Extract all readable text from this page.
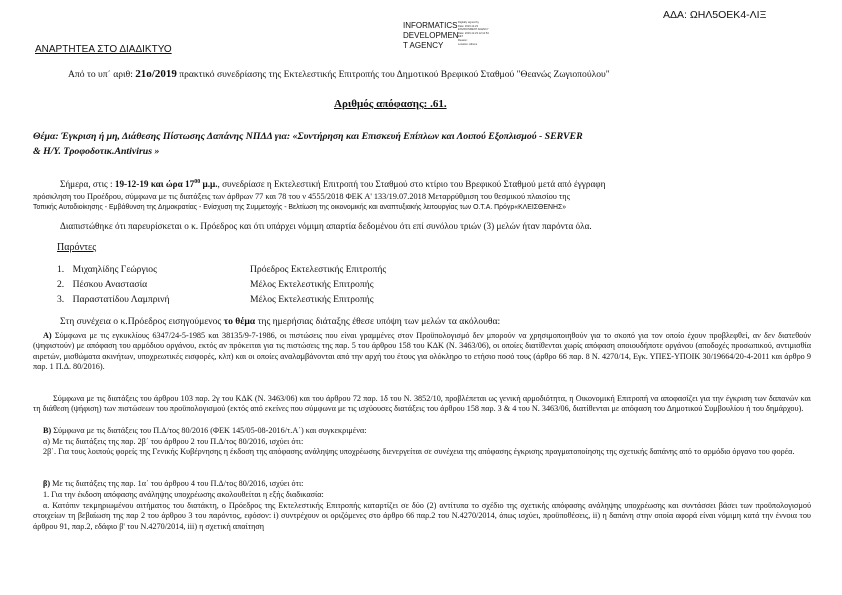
ΑΔΑ: ΩΗΛ5ΟΕΚ4-ΛΙΞ
ΑΝΑΡΤΗΤΕΑ ΣΤΟ ΔΙΑΔΙΚΤΥΟ
INFORMATICS
DEVELOPMEN
T AGENCY
Digitally signed by
Date: 2019.12.23
ENVIRONMENT AGENCY
Date: 2019.12.23 12:12:54
EET
Reason:
Location: Athens
Από το υπ΄ αριθ: 21ο/2019 πρακτικό συνεδρίασης της Εκτελεστικής Επιτροπής του Δημοτικού Βρεφικού Σταθμού "Θεανώς Ζωγιοπούλου"
Αριθμός απόφασης: .61.
Θέμα: Έγκριση ή μη, Διάθεσης Πίστωσης Δαπάνης ΝΠΔΔ για: «Συντήρηση και Επισκευή Επίπλων και Λοιπού Εξοπλισμού - SERVER
& Η/Υ. Τροφοδοτικ.Antivirus »
Σήμερα, στις : 19-12-19 και ώρα $17^{00}$ μ.μ., συνεδρίασε η Εκτελεστική Επιτροπή του Σταθμού στο κτίριο του Βρεφικού Σταθμού μετά από έγγραφη
πρόσκληση του Προέδρου, σύμφωνα με τις διατάξεις των άρθρων 77 και 78 του ν 4555/2018 ΦΕΚ Α' 133/19.07.2018 Μεταρρύθμιση του θεσμικού πλαισίου της
Τοπικής Αυτοδιοίκησης - Εμβάθυνση της Δημοκρατίας - Ενίσχυση της Συμμετοχής - Βελτίωση της οικονομικής και αναπτυξιακής λειτουργίας των Ο.Τ.Α. Πρόγρ«ΚΛΕΙΣΘΕΝΗΣ»
Διαπιστώθηκε ότι παρευρίσκεται ο κ. Πρόεδρος και ότι υπάρχει νόμιμη απαρτία δεδομένου ότι επί συνόλου τριών (3) μελών ήταν παρόντα όλα.
Παρόντες
1. Μιχαηλίδης Γεώργιος	Πρόεδρος Εκτελεστικής Επιτροπής
2. Πέσκου Αναστασία	Μέλος Εκτελεστικής Επιτροπής
3. Παραστατίδου Λαμπρινή	Μέλος Εκτελεστικής Επιτροπής
Στη συνέχεια ο κ.Πρόεδρος εισηγούμενος το θέμα της ημερήσιας διάταξης έθεσε υπόψη των μελών τα ακόλουθα:
Α) Σύμφωνα με τις εγκυκλίους 6347/24-5-1985 και 38135/9-7-1986, οι πιστώσεις που είναι γραμμένες στον Προϋπολογισμό δεν μπορούν να χρησιμοποιηθούν για το σκοπό για τον οποίο έχουν προβλεφθεί, αν δεν διατεθούν (ψηφιστούν) με απόφαση του αρμόδιου οργάνου, εκτός αν πρόκειται για τις πιστώσεις της παρ. 5 του άρθρου 158 του ΚΔΚ (Ν. 3463/06), οι οποίες διατίθενται χωρίς απόφαση οποιουδήποτε οργάνου (αποδοχές προσωπικού, αντιμισθία αιρετών, μισθώματα ακινήτων, υποχρεωτικές εισφορές, κλπ) και οι οποίες αναλαμβάνονται από την αρχή του έτους για ολόκληρο το ετήσιο ποσό τους (άρθρο 66 παρ. 8 Ν. 4270/14, Εγκ. ΥΠΕΣ-ΥΠΟΙΚ 30/19664/20-4-2011 και άρθρο 9 παρ. 1 Π.Δ. 80/2016).
Σύμφωνα με τις διατάξεις του άρθρου 103 παρ. 2γ του ΚΔΚ (Ν. 3463/06) και του άρθρου 72 παρ. 1δ του Ν. 3852/10, προβλέπεται ως γενική αρμοδιότητα, η Οικονομική Επιτροπή να αποφασίζει για την έγκριση των δαπανών και τη διάθεση (ψήφιση) των πιστώσεων του προϋπολογισμού (εκτός από εκείνες που σύμφωνα με τις ισχύουσες διατάξεις του άρθρου 158 παρ. 3 & 4 του Ν. 3463/06, διατίθενται με απόφαση του Δημοτικού Συμβουλίου ή του δημάρχου).
Β) Σύμφωνα με τις διατάξεις του Π.Δ/τος 80/2016 (ΦΕΚ 145/05-08-2016/τ.Α΄) και συγκεκριμένα:
α) Με τις διατάξεις της παρ. 2β΄ του άρθρου 2 του Π.Δ/τος 80/2016, ισχύει ότι:
2β΄. Για τους λοιπούς φορείς της Γενικής Κυβέρνησης η έκδοση της απόφασης ανάληψης υποχρέωσης διενεργείται σε συνέχεια της απόφασης έγκρισης πραγματοποίησης της σχετικής δαπάνης από το αρμόδιο όργανο του φορέα.
β) Με τις διατάξεις της παρ. 1α΄ του άρθρου 4 του Π.Δ/τος 80/2016, ισχύει ότι:
1. Για την έκδοση απόφασης ανάληψης υποχρέωσης ακολουθείται η εξής διαδικασία:
α. Κατόπιν τεκμηριωμένου αιτήματος του διατάκτη, ο Πρόεδρος της Εκτελεστικής Επιτροπής καταρτίζει σε δύο (2) αντίτυπα το σχέδιο της σχετικής απόφασης ανάληψης υποχρέωσης και συντάσσει βάσει των προϋπολογισμού στοιχείων τη βεβαίωση της παρ 2 του άρθρου 3 του παρόντος, εφόσον: i) συντρέχουν οι οριζόμενες στο άρθρο 66 παρ.2 του Ν.4270/2014, όπως ισχύει, προϋποθέσεις, ii) η δαπάνη στην οποία αφορά είναι νόμιμη κατά την έννοια του άρθρου 91, παρ.2, εδάφιο β' του Ν.4270/2014, iii) η σχετική απαίτηση
